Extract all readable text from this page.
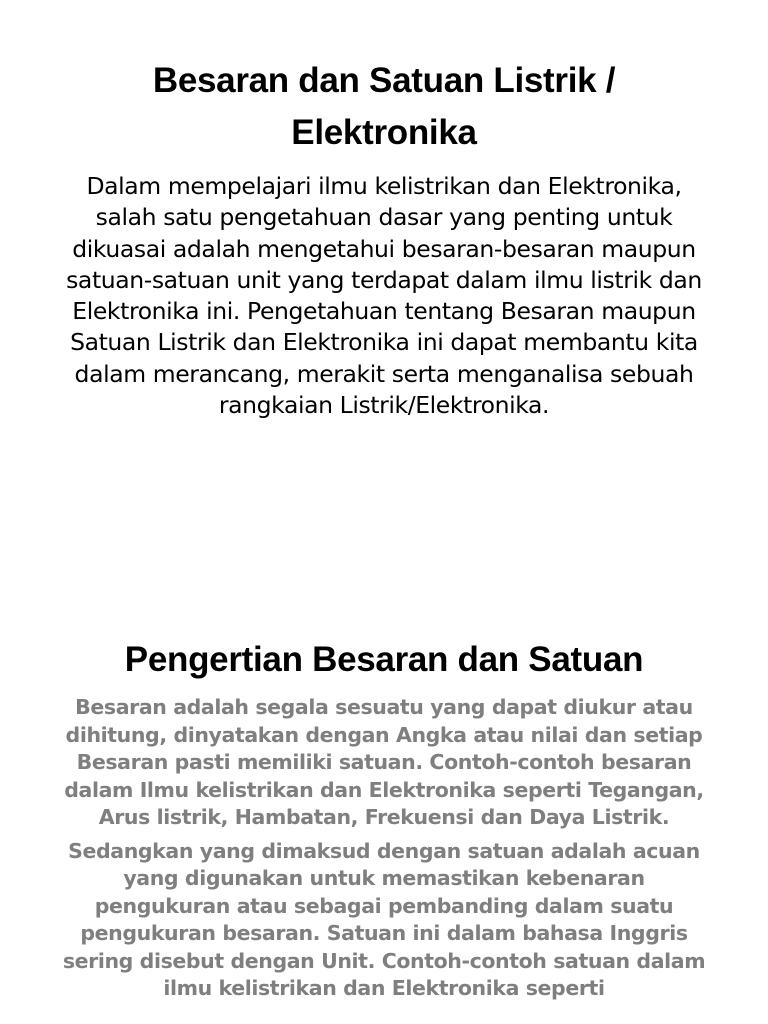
Besaran dan Satuan Listrik / Elektronika

Dalam mempelajari ilmu kelistrikan dan Elektronika, salah satu pengetahuan dasar yang penting untuk dikuasai adalah mengetahui besaran-besaran maupun satuan-satuan unit yang terdapat dalam ilmu listrik dan Elektronika ini. Pengetahuan tentang Besaran maupun Satuan Listrik dan Elektronika ini dapat membantu kita dalam merancang, merakit serta menganalisa sebuah rangkaian Listrik/Elektronika.

Pengertian Besaran dan Satuan

Besaran adalah segala sesuatu yang dapat diukur atau dihitung, dinyatakan dengan Angka atau nilai dan setiap Besaran pasti memiliki satuan. Contoh-contoh besaran dalam Ilmu kelistrikan dan Elektronika seperti Tegangan, Arus listrik, Hambatan, Frekuensi dan Daya Listrik.

Sedangkan yang dimaksud dengan satuan adalah acuan yang digunakan untuk memastikan kebenaran pengukuran atau sebagai pembanding dalam suatu pengukuran besaran. Satuan ini dalam bahasa Inggris sering disebut dengan Unit. Contoh-contoh satuan dalam ilmu kelistrikan dan Elektronika seperti
